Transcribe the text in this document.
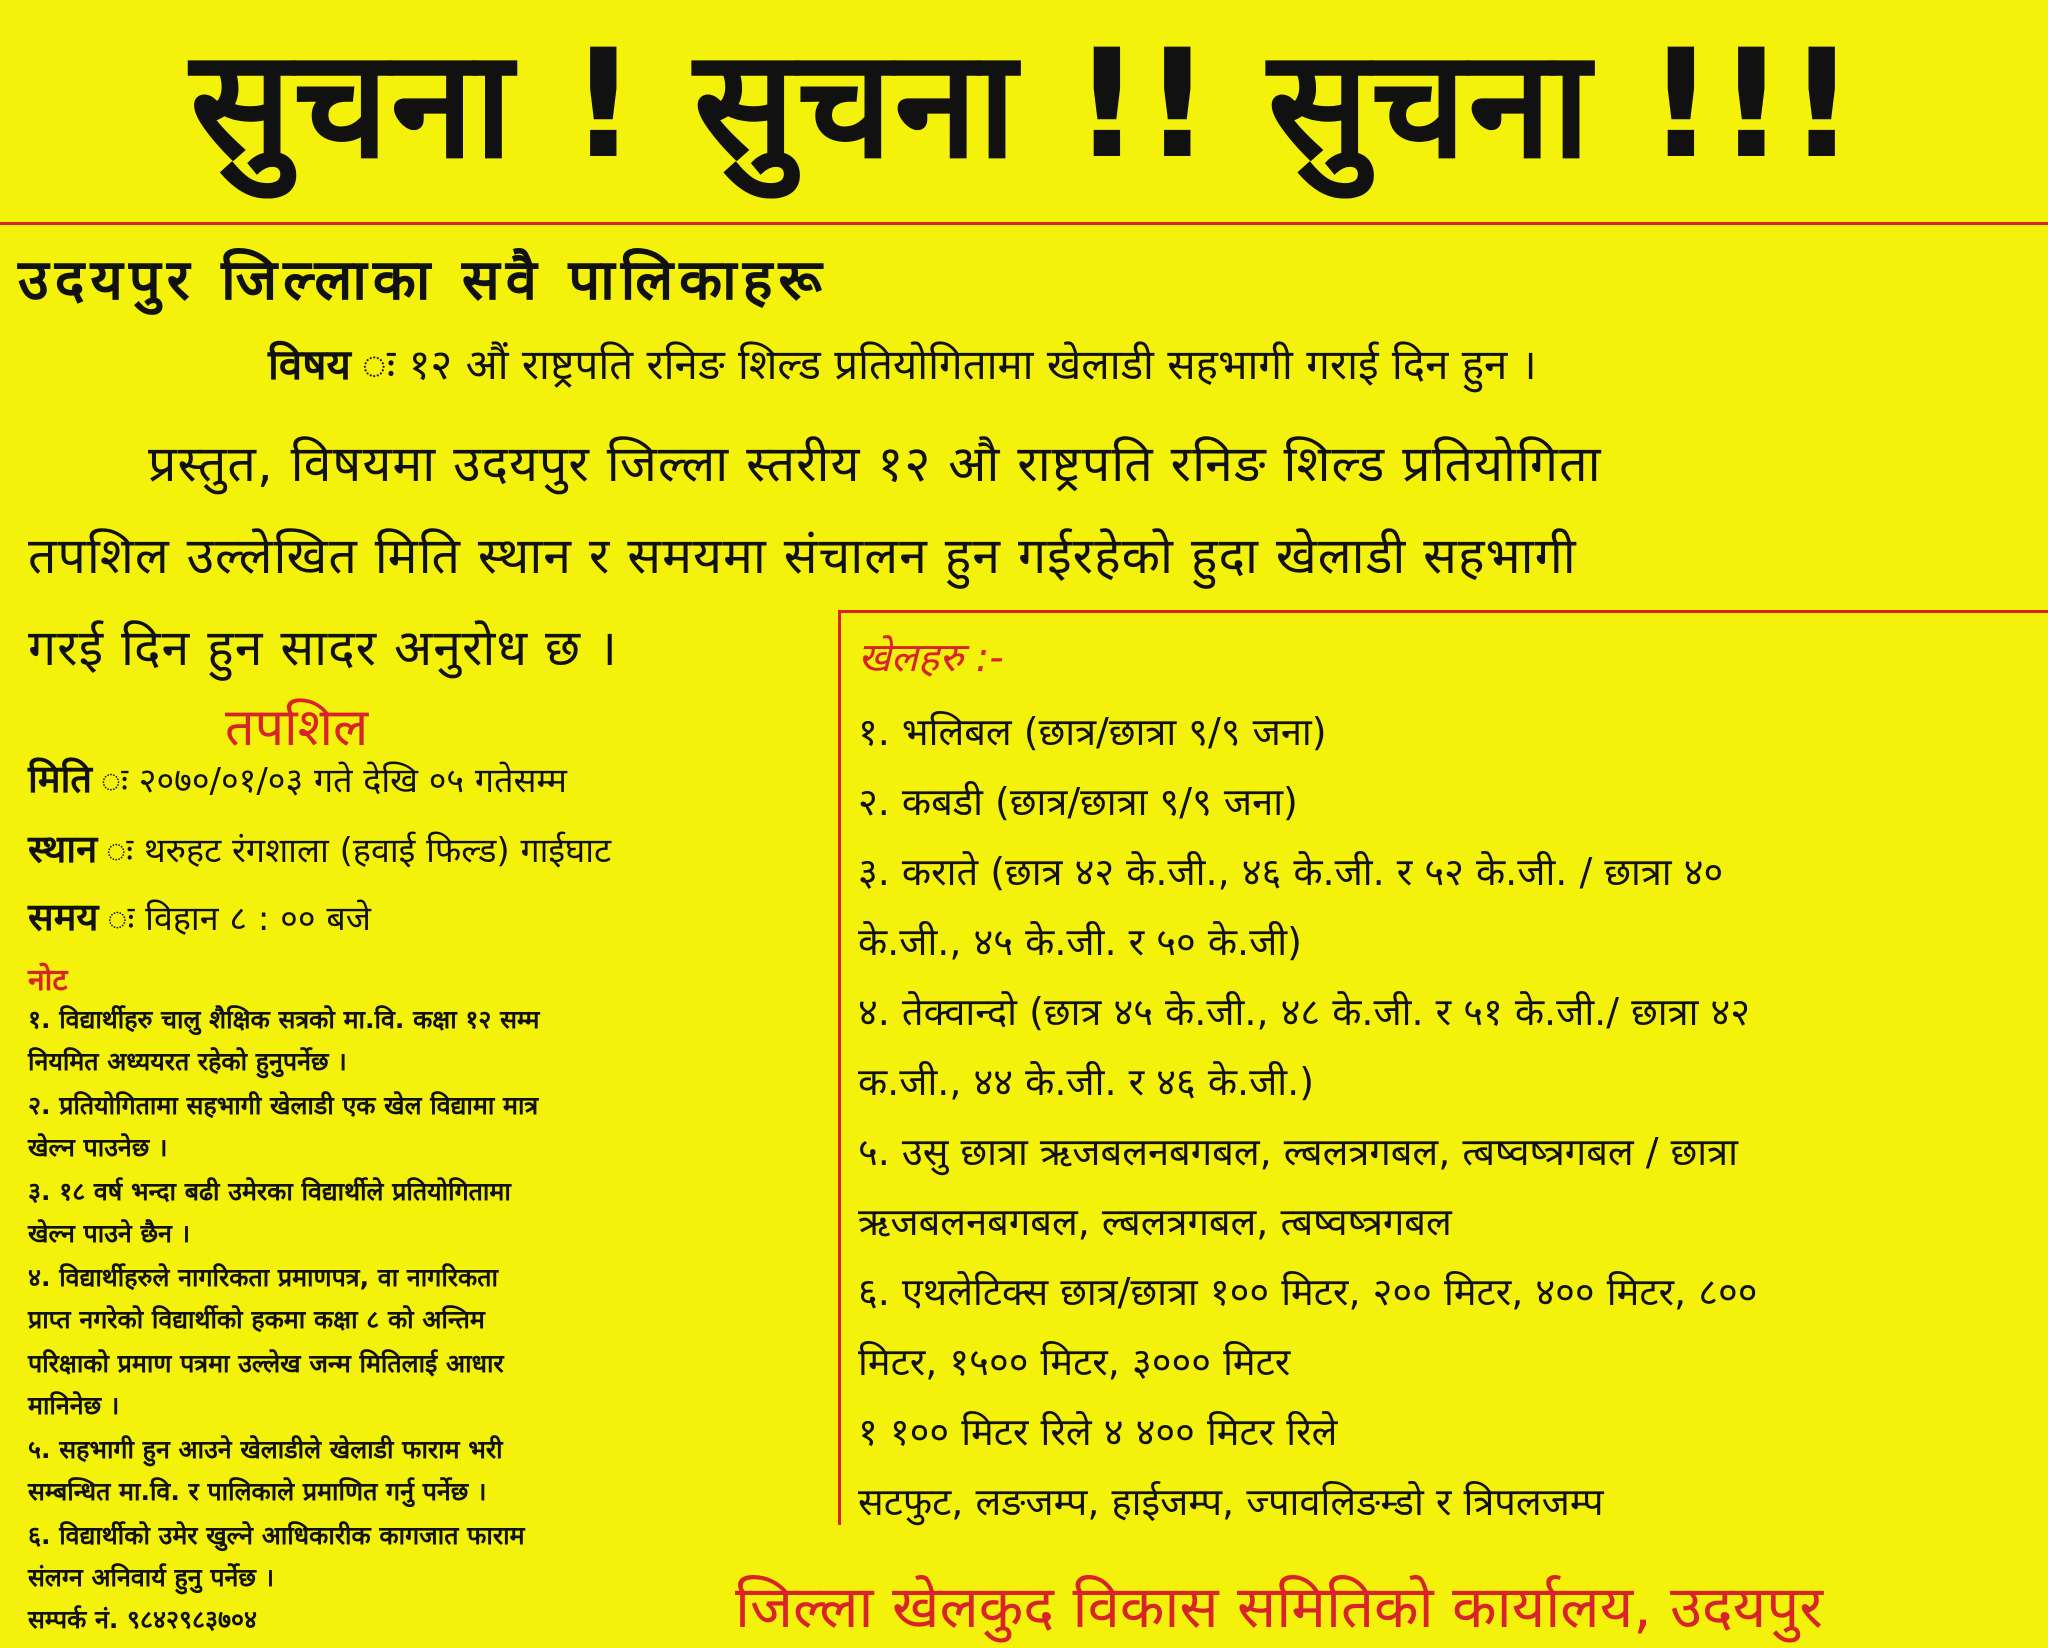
सुचना ! सुचना !! सुचना !!!
उदयपुर जिल्लाका सवै पालिकाहरू
विषय ः १२ औं राष्ट्रपति रनिङ शिल्ड प्रतियोगितामा खेलाडी सहभागी गराई दिन हुन ।
प्रस्तुत, विषयमा उदयपुर जिल्ला स्तरीय १२ औ राष्ट्रपति रनिङ शिल्ड प्रतियोगिता
तपशिल उल्लेखित मिति स्थान र समयमा संचालन हुन गईरहेको हुदा खेलाडी सहभागी
गरई दिन हुन सादर अनुरोध छ ।
तपशिल
मिति ः २०७०/०१/०३ गते देखि ०५ गतेसम्म
स्थान ः थरुहट रंगशाला (हवाई फिल्ड) गाईघाट
समय ः विहान ८ : ०० बजे
नोट
१. विद्यार्थीहरु चालु शैक्षिक सत्रको मा.वि. कक्षा १२ सम्म
नियमित अध्ययरत रहेको हुनुपर्नेछ ।
२. प्रतियोगितामा सहभागी खेलाडी एक खेल विद्यामा मात्र
खेल्न पाउनेछ ।
३. १८ वर्ष भन्दा बढी उमेरका विद्यार्थीले प्रतियोगितामा
खेल्न पाउने छैन ।
४. विद्यार्थीहरुले नागरिकता प्रमाणपत्र, वा नागरिकता
प्राप्त नगरेको विद्यार्थीको हकमा कक्षा ८ को अन्तिम
परिक्षाको प्रमाण पत्रमा उल्लेख जन्म मितिलाई आधार
मानिनेछ ।
५. सहभागी हुन आउने खेलाडीले खेलाडी फाराम भरी
सम्बन्धित मा.वि. र पालिकाले प्रमाणित गर्नु पर्नेछ ।
६. विद्यार्थीको उमेर खुल्ने आधिकारीक कागजात फाराम
संलग्न अनिवार्य हुनु पर्नेछ ।
सम्पर्क नं. ९८४२९८३७०४
खेलहरु :-
१. भलिबल (छात्र/छात्रा ९/९ जना)
२. कबडी (छात्र/छात्रा ९/९ जना)
३. कराते (छात्र ४२ के.जी., ४६ के.जी. र ५२ के.जी. / छात्रा ४०
के.जी., ४५ के.जी. र ५० के.जी)
४. तेक्वान्दो (छात्र ४५ के.जी., ४८ के.जी. र ५१ के.जी./ छात्रा ४२
क.जी., ४४ के.जी. र ४६ के.जी.)
५. उसु छात्रा ऋजबलनबगबल, ल्बलत्रगबल, त्बष्वष्त्रगबल / छात्रा
ऋजबलनबगबल, ल्बलत्रगबल, त्बष्वष्त्रगबल
६. एथलेटिक्स छात्र/छात्रा १०० मिटर, २०० मिटर, ४०० मिटर, ८००
मिटर, १५०० मिटर, ३००० मिटर
१ १०० मिटर रिले ४ ४०० मिटर रिले
सटफुट, लङजम्प, हाईजम्प, ज्पावलिङम्डो र त्रिपलजम्प
जिल्ला खेलकुद विकास समितिको कार्यालय, उदयपुर
